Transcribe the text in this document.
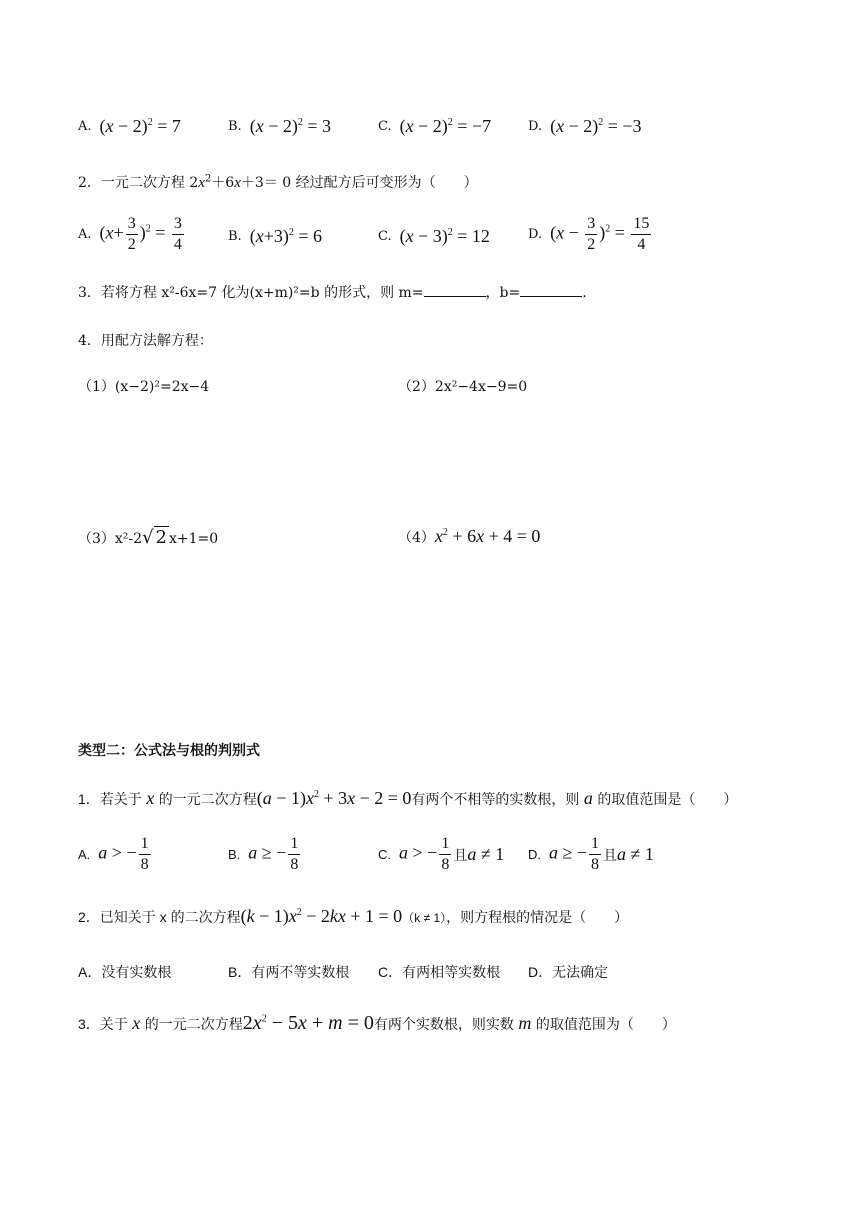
A. $(x - 2)^2 = 7$	B. $(x - 2)^2 = 3$	C. $(x - 2)^2 = -7$	D. $(x - 2)^2 = -3$
2．一元二次方程 $2x^2+6x+3= 0$ 经过配方后可变形为（　　）
A. $(x+ \frac{3}{2} )^2 = \frac{3}{4}$	B. $(x+3)^2 = 6$	C. $(x - 3)^2 = 12$	D. $(x - \frac{3}{2} )^2 = \frac{15}{4}$
3．若将方程 x²-6x=7 化为(x+m)²=b 的形式，则 m=	，b=	.
4．用配方法解方程：
（1）(x−2)²=2x−4	（2）2x²−4x−9=0
（3）x²-2√ 2 x+1=0	$(4)x^2 + 6x + 4 = 0$
类型二：公式法与根的判别式
1．若关于 x 的一元二次方程$(a - 1)x^2 + 3x - 2 = 0$有两个不相等的实数根，则 a 的取值范围是（　　）
A. a > − $\frac{1}{8}$	B. a ≥ − $\frac{1}{8}$	C. a > − $\frac{1}{8}$ 且 a ≠ 1 D. a ≥ − $\frac{1}{8}$ 且 a ≠ 1
2．已知关于 x 的二次方程$(k - 1)x^2 - 2kx + 1 = 0(k \ne 1)$，则方程根的情况是（　　）
A．没有实数根	B．有两不等实数根 C．有两相等实数根 D．无法确定
3．关于 x 的一元二次方程$2x^2 - 5x + m = 0$有两个实数根，则实数 m 的取值范围为（　　）
